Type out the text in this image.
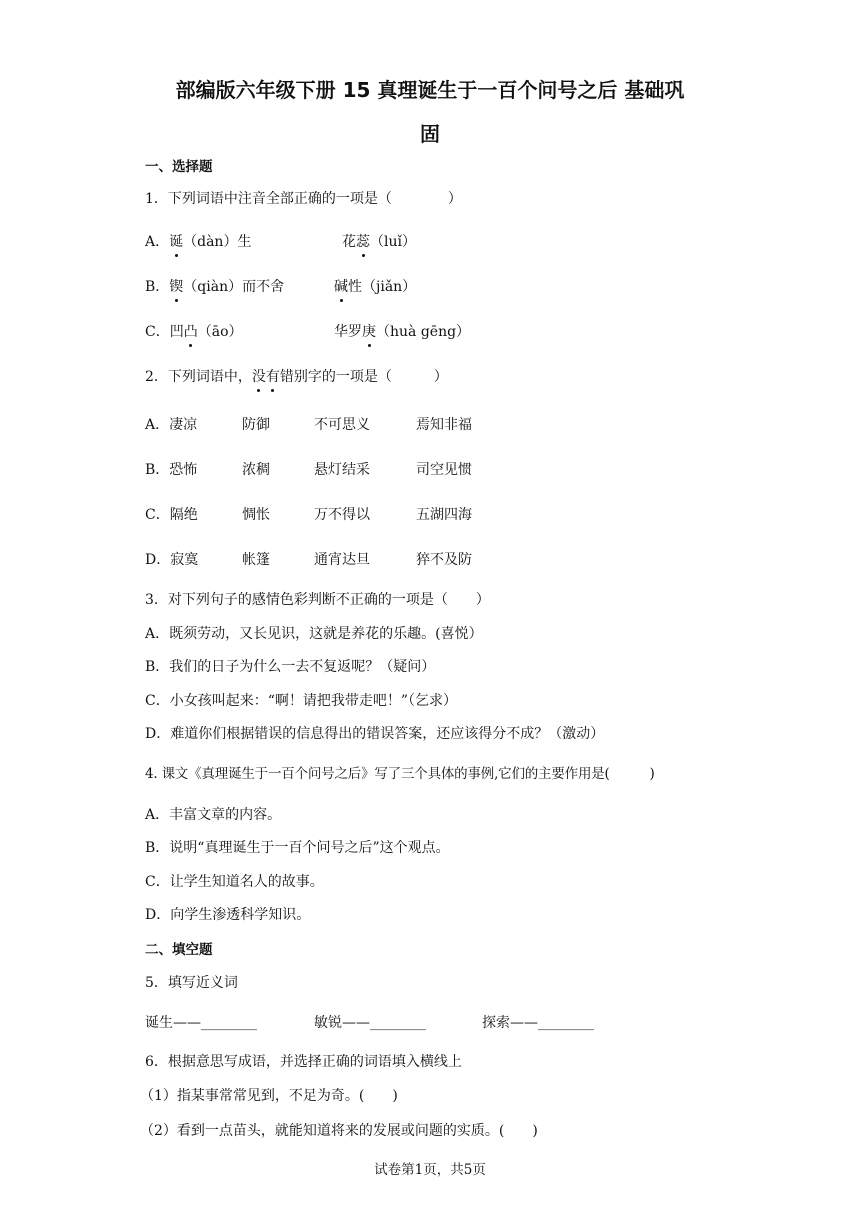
部编版六年级下册 15 真理诞生于一百个问号之后 基础巩
固
一、选择题
1．下列词语中注音全部正确的一项是（　　　　）
A．诞（dàn）生	花蕊（luǐ）
B．锲（qiàn）而不舍	碱性（jiǎn）
C．凹凸（āo）	华罗庚（huà gēng）
2．下列词语中，没有错别字的一项是（　　　）
A．凄凉	防御	不可思义	焉知非福
B．恐怖	浓稠	悬灯结采	司空见惯
C．隔绝	惆怅	万不得以	五湖四海
D．寂寞	帐篷	通宵达旦	猝不及防
3．对下列句子的感情色彩判断不正确的一项是（　　）
A．既须劳动，又长见识，这就是养花的乐趣。(喜悦）
B．我们的日子为什么一去不复返呢？（疑问）
C．小女孩叫起来：“啊！请把我带走吧！”（乞求）
D．难道你们根据错误的信息得出的错误答案，还应该得分不成？（激动）
4. 课文《真理诞生于一百个问号之后》写了三个具体的事例,它们的主要作用是(　　　)
A．丰富文章的内容。
B．说明“真理诞生于一百个问号之后”这个观点。
C．让学生知道名人的故事。
D．向学生渗透科学知识。
二、填空题
5．填写近义词
诞生——________	敏锐——________	探索——________
6．根据意思写成语，并选择正确的词语填入横线上
（1）指某事常常见到，不足为奇。(　　)
（2）看到一点苗头，就能知道将来的发展或问题的实质。(　　)
试卷第1页，共5页
